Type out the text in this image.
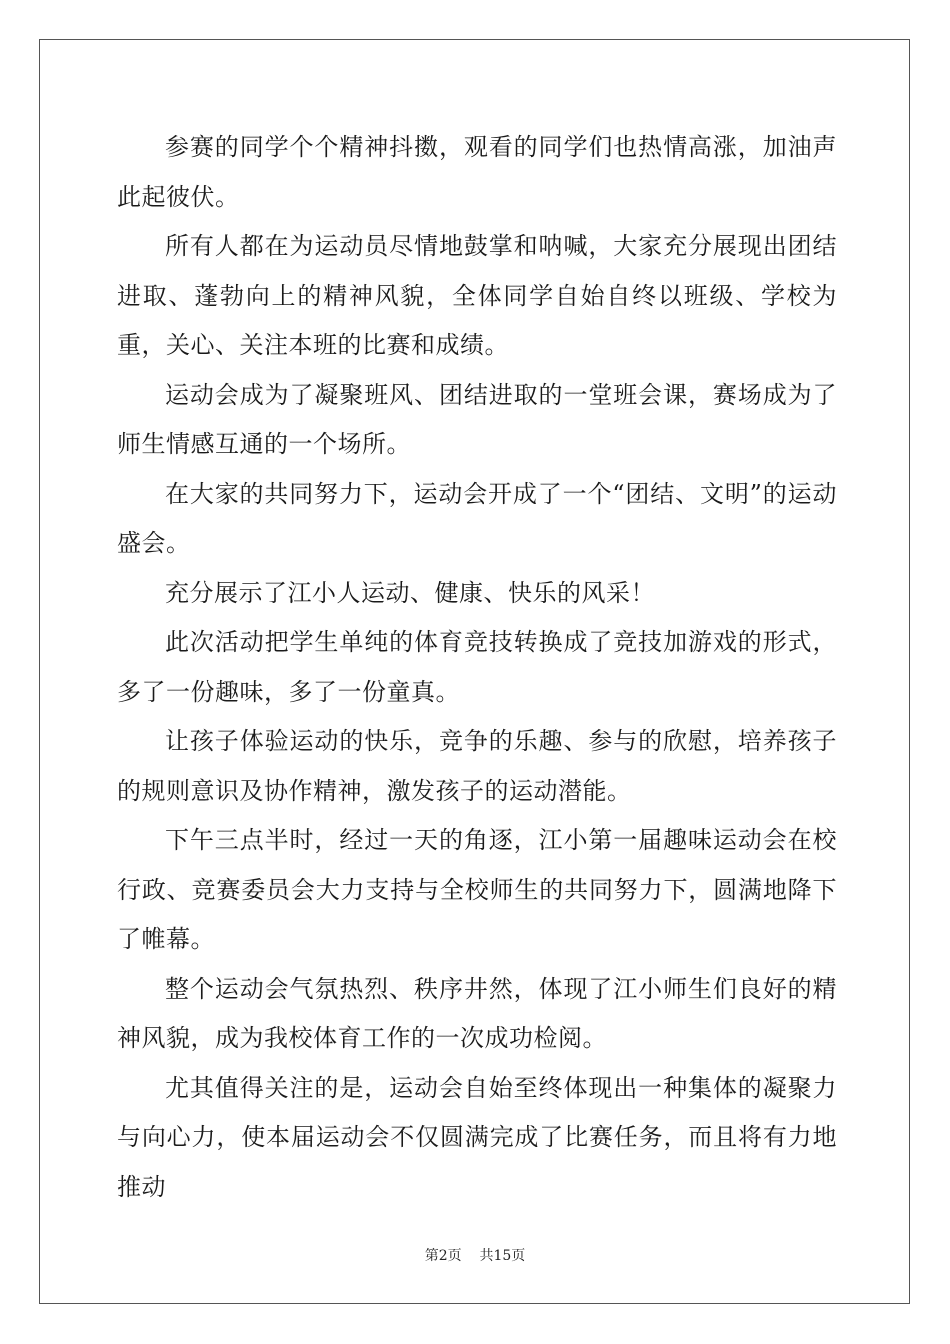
参赛的同学个个精神抖擞，观看的同学们也热情高涨，加油声此起彼伏。

所有人都在为运动员尽情地鼓掌和呐喊，大家充分展现出团结进取、蓬勃向上的精神风貌，全体同学自始自终以班级、学校为重，关心、关注本班的比赛和成绩。

运动会成为了凝聚班风、团结进取的一堂班会课，赛场成为了师生情感互通的一个场所。

在大家的共同努力下，运动会开成了一个“团结、文明”的运动盛会。

充分展示了江小人运动、健康、快乐的风采！

此次活动把学生单纯的体育竞技转换成了竞技加游戏的形式，多了一份趣味，多了一份童真。

让孩子体验运动的快乐，竞争的乐趣、参与的欣慰，培养孩子的规则意识及协作精神，激发孩子的运动潜能。

下午三点半时，经过一天的角逐，江小第一届趣味运动会在校行政、竞赛委员会大力支持与全校师生的共同努力下，圆满地降下了帷幕。

整个运动会气氛热烈、秩序井然，体现了江小师生们良好的精神风貌，成为我校体育工作的一次成功检阅。

尤其值得关注的是，运动会自始至终体现出一种集体的凝聚力与向心力，使本届运动会不仅圆满完成了比赛任务，而且将有力地推动

第2页    共15页
